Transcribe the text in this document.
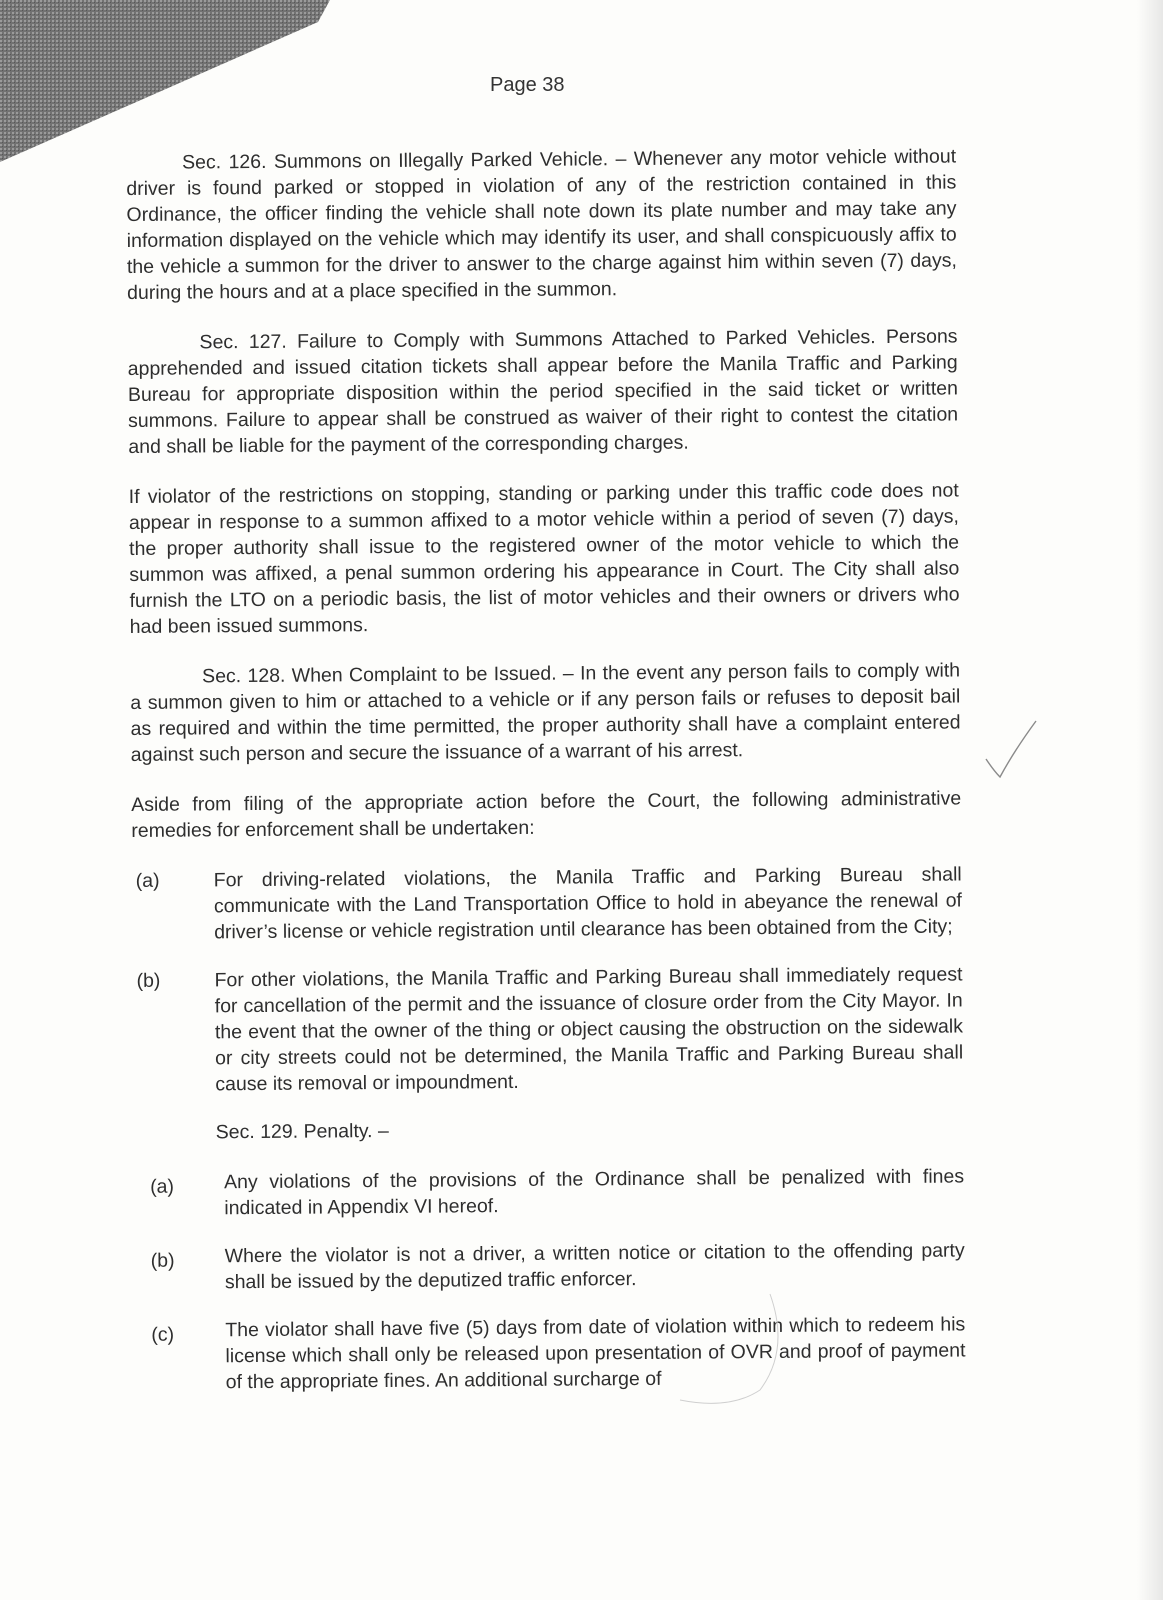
Page 38

Sec. 126. Summons on Illegally Parked Vehicle. – Whenever any motor vehicle without driver is found parked or stopped in violation of any of the restriction contained in this Ordinance, the officer finding the vehicle shall note down its plate number and may take any information displayed on the vehicle which may identify its user, and shall conspicuously affix to the vehicle a summon for the driver to answer to the charge against him within seven (7) days, during the hours and at a place specified in the summon.

Sec. 127. Failure to Comply with Summons Attached to Parked Vehicles. Persons apprehended and issued citation tickets shall appear before the Manila Traffic and Parking Bureau for appropriate disposition within the period specified in the said ticket or written summons. Failure to appear shall be construed as waiver of their right to contest the citation and shall be liable for the payment of the corresponding charges.

If violator of the restrictions on stopping, standing or parking under this traffic code does not appear in response to a summon affixed to a motor vehicle within a period of seven (7) days, the proper authority shall issue to the registered owner of the motor vehicle to which the summon was affixed, a penal summon ordering his appearance in Court. The City shall also furnish the LTO on a periodic basis, the list of motor vehicles and their owners or drivers who had been issued summons.

Sec. 128. When Complaint to be Issued. – In the event any person fails to comply with a summon given to him or attached to a vehicle or if any person fails or refuses to deposit bail as required and within the time permitted, the proper authority shall have a complaint entered against such person and secure the issuance of a warrant of his arrest.

Aside from filing of the appropriate action before the Court, the following administrative remedies for enforcement shall be undertaken:

(a)	For driving-related violations, the Manila Traffic and Parking Bureau shall communicate with the Land Transportation Office to hold in abeyance the renewal of driver’s license or vehicle registration until clearance has been obtained from the City;
(b)	For other violations, the Manila Traffic and Parking Bureau shall immediately request for cancellation of the permit and the issuance of closure order from the City Mayor. In the event that the owner of the thing or object causing the obstruction on the sidewalk or city streets could not be determined, the Manila Traffic and Parking Bureau shall cause its removal or impoundment.
Sec. 129. Penalty. –
(a)	Any violations of the provisions of the Ordinance shall be penalized with fines indicated in Appendix VI hereof.
(b)	Where the violator is not a driver, a written notice or citation to the offending party shall be issued by the deputized traffic enforcer.
(c)	The violator shall have five (5) days from date of violation within which to redeem his license which shall only be released upon presentation of OVR and proof of payment of the appropriate fines. An additional surcharge of
